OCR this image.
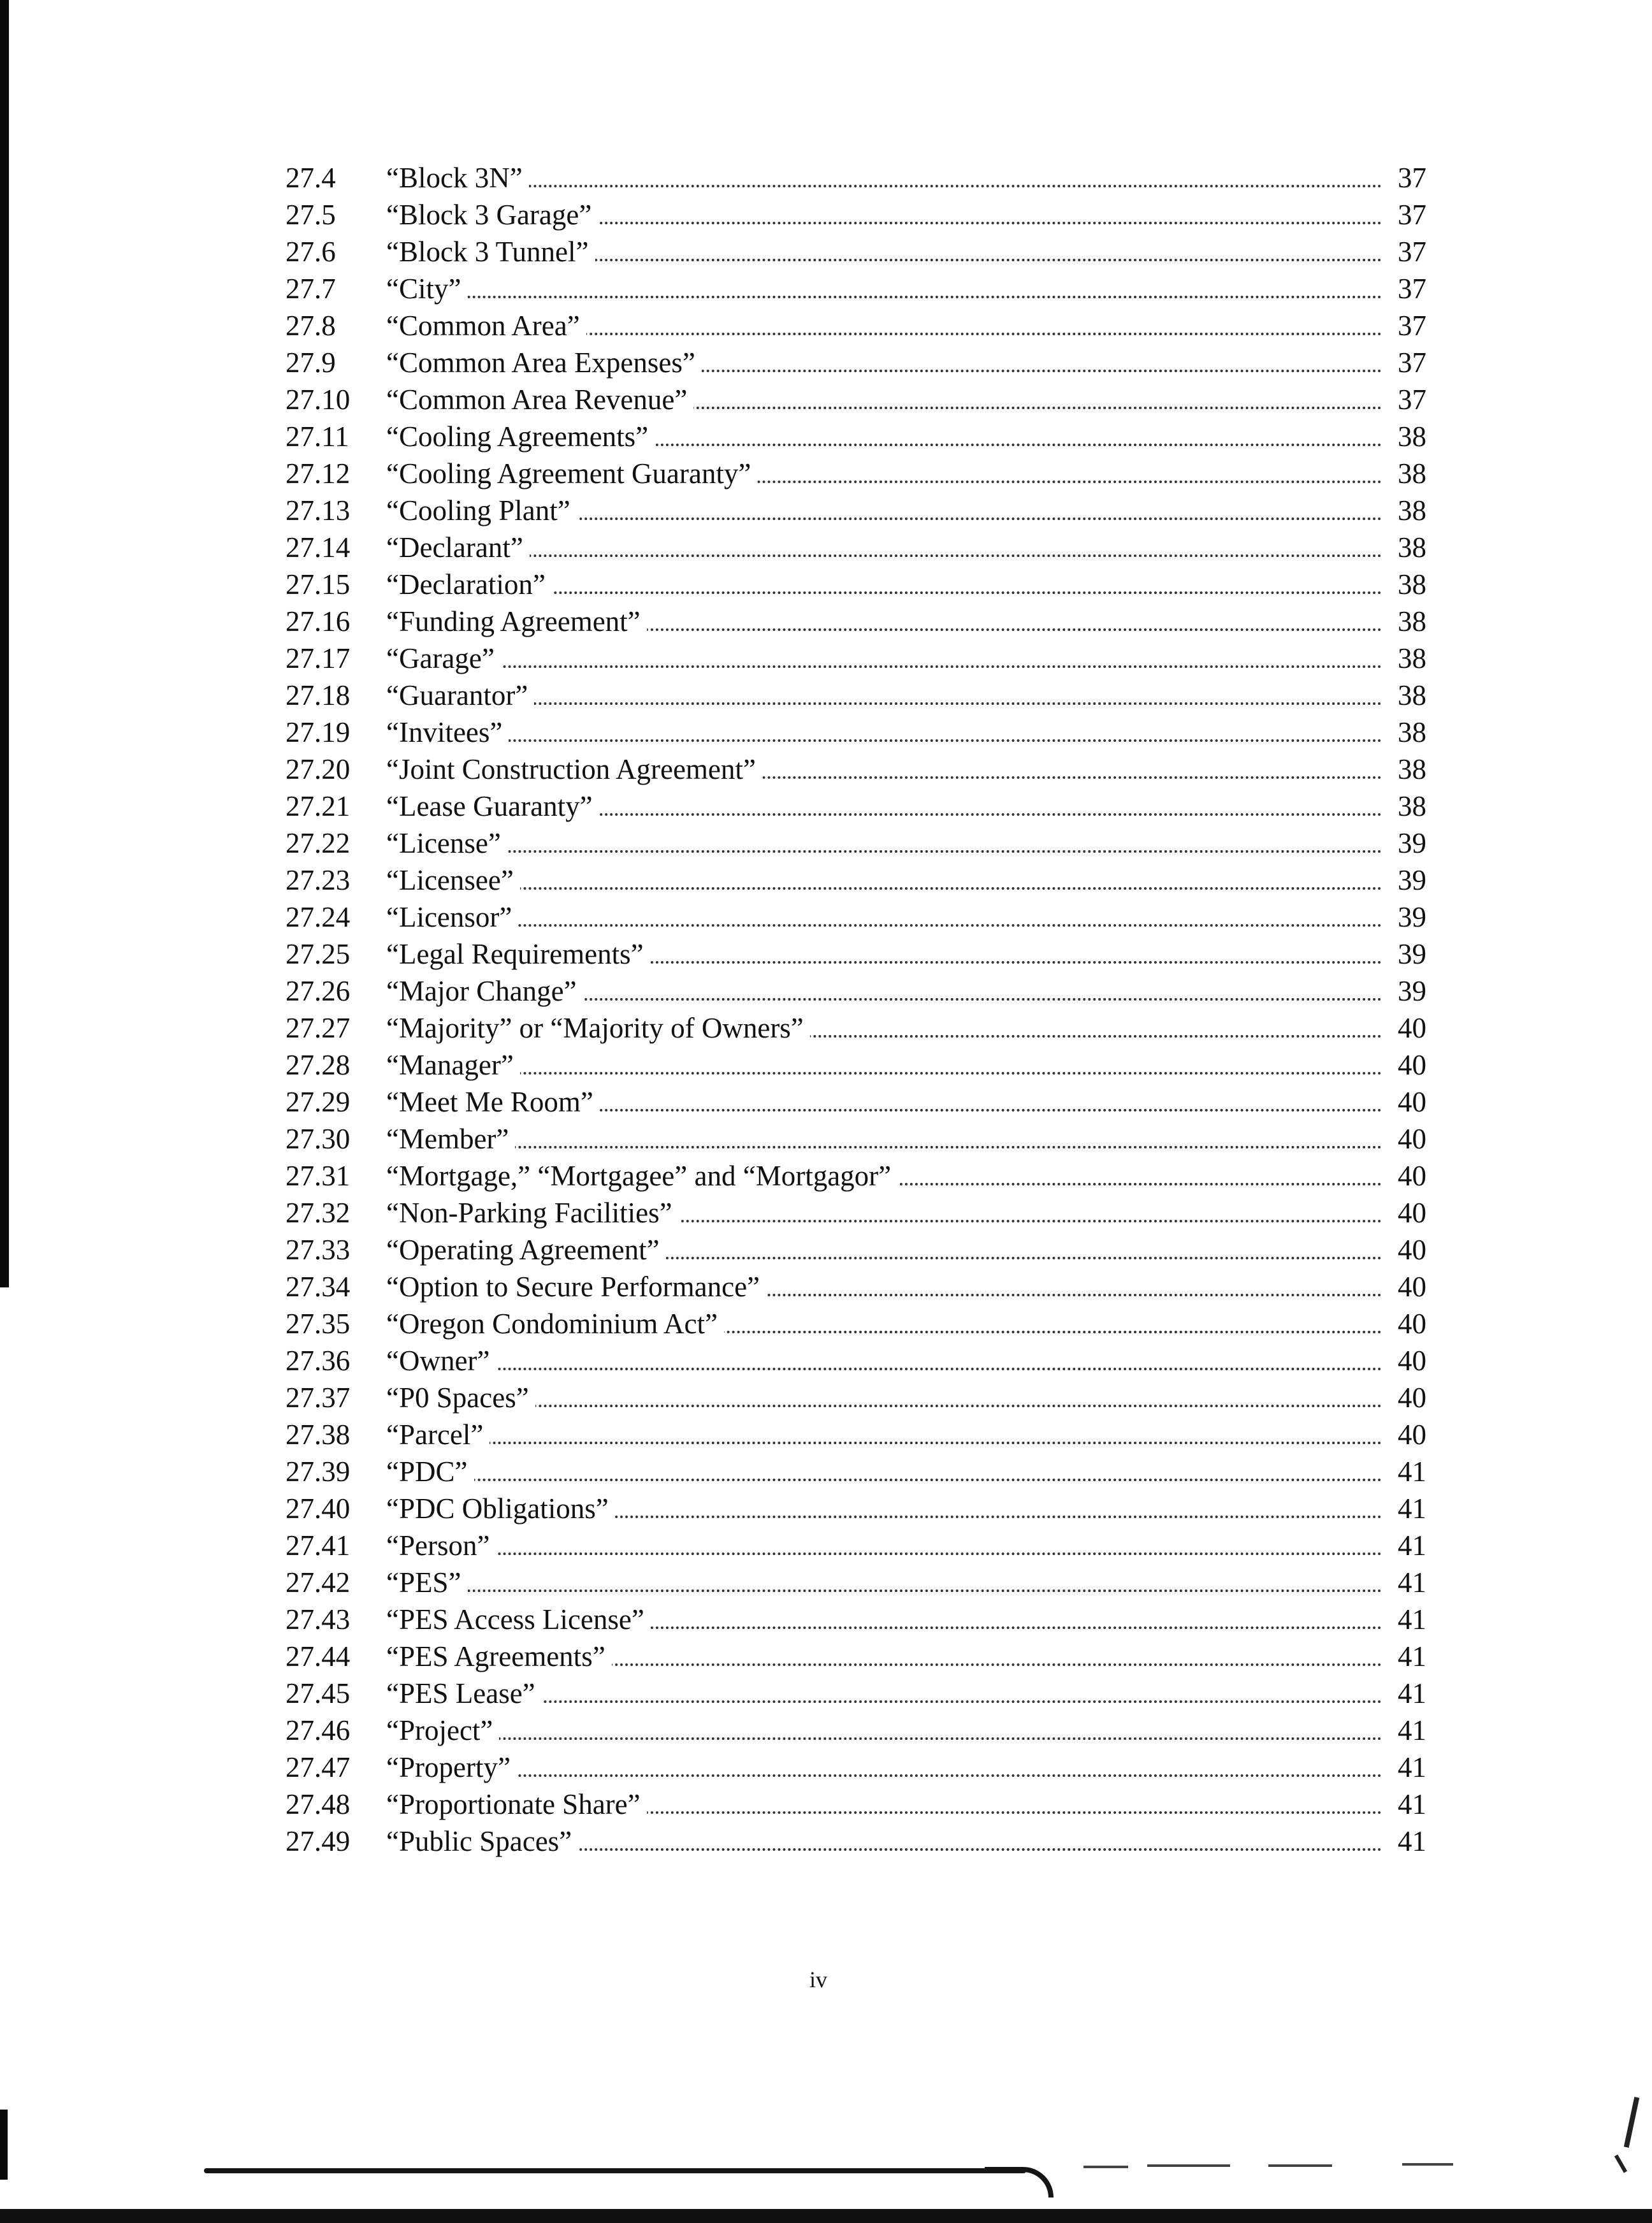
27.4	“Block 3N”	37
27.5	“Block 3 Garage”	37
27.6	“Block 3 Tunnel”	37
27.7	“City”	37
27.8	“Common Area”	37
27.9	“Common Area Expenses”	37
27.10	“Common Area Revenue”	37
27.11	“Cooling Agreements”	38
27.12	“Cooling Agreement Guaranty”	38
27.13	“Cooling Plant”	38
27.14	“Declarant”	38
27.15	“Declaration”	38
27.16	“Funding Agreement”	38
27.17	“Garage”	38
27.18	“Guarantor”	38
27.19	“Invitees”	38
27.20	“Joint Construction Agreement”	38
27.21	“Lease Guaranty”	38
27.22	“License”	39
27.23	“Licensee”	39
27.24	“Licensor”	39
27.25	“Legal Requirements”	39
27.26	“Major Change”	39
27.27	“Majority” or “Majority of Owners”	40
27.28	“Manager”	40
27.29	“Meet Me Room”	40
27.30	“Member”	40
27.31	“Mortgage,” “Mortgagee” and “Mortgagor”	40
27.32	“Non-Parking Facilities”	40
27.33	“Operating Agreement”	40
27.34	“Option to Secure Performance”	40
27.35	“Oregon Condominium Act”	40
27.36	“Owner”	40
27.37	“P0 Spaces”	40
27.38	“Parcel”	40
27.39	“PDC”	41
27.40	“PDC Obligations”	41
27.41	“Person”	41
27.42	“PES”	41
27.43	“PES Access License”	41
27.44	“PES Agreements”	41
27.45	“PES Lease”	41
27.46	“Project”	41
27.47	“Property”	41
27.48	“Proportionate Share”	41
27.49	“Public Spaces”	41
iv
